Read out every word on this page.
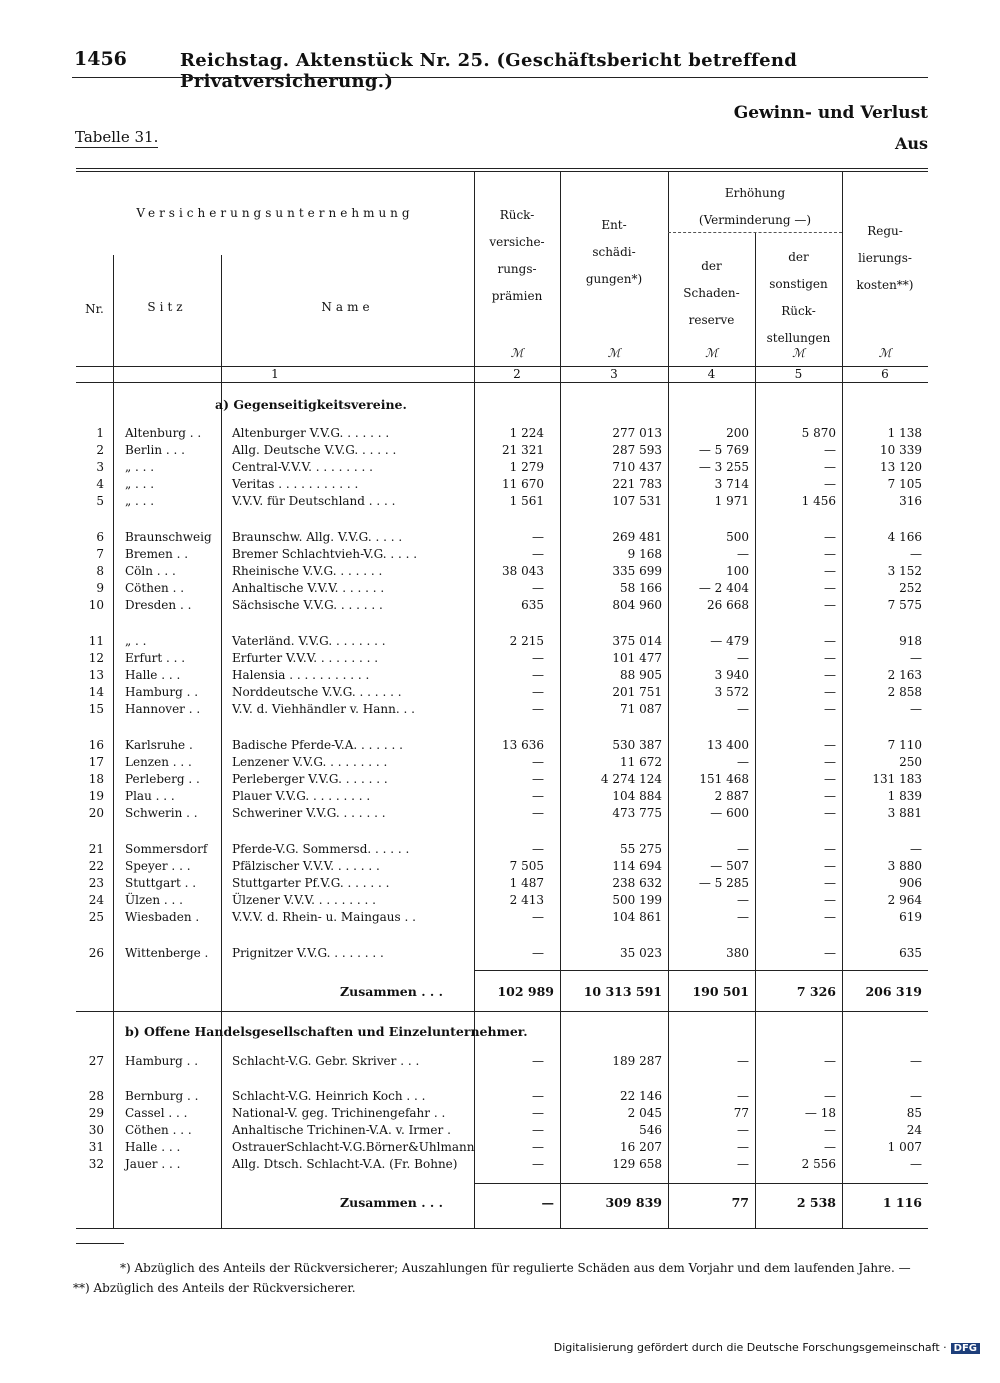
1456	Reichstag. Aktenstück Nr. 25. (Geschäftsbericht betreffend Privatversicherung.)
Gewinn- und Verlust
Aus
Tabelle 31.
Versicherungsunternehmung
Nr.	Sitz	Name
Rück-
versiche-
rungs-
prämien
Ent-
schädi-
gungen*)
Erhöhung
(Verminderung —)
der
Schaden-
reserve
der
sonstigen
Rück-
stellungen
Regu-
lierungs-
kosten**)
ℳ	ℳ	ℳ	ℳ	ℳ
1	2	3	4	5	6
a) Gegenseitigkeitsvereine.
1 Altenburg . .	Altenburger V.V.G. . . . . . .	1 224	277 013	200	5 870	1 138
2 Berlin . . .	Allg. Deutsche V.V.G. . . . . .	21 321	287 593	— 5 769	—	10 339
3 „ . . .	Central-V.V.V. . . . . . . . .	1 279	710 437	— 3 255	—	13 120
4 „ . . .	Veritas . . . . . . . . . . .	11 670	221 783	3 714	—	7 105
5 „ . . .	V.V.V. für Deutschland . . . .	1 561	107 531	1 971	1 456	316
6 Braunschweig	Braunschw. Allg. V.V.G. . . . .	—	269 481	500	—	4 166
7 Bremen . .	Bremer Schlachtvieh-V.G. . . . .	—	9 168	—	—	—
8 Cöln . . .	Rheinische V.V.G. . . . . . .	38 043	335 699	100	—	3 152
9 Cöthen . .	Anhaltische V.V.V. . . . . . .	—	58 166	— 2 404	—	252
10 Dresden . .	Sächsische V.V.G. . . . . . .	635	804 960	26 668	—	7 575
11 „ . .	Vaterländ. V.V.G. . . . . . . .	2 215	375 014	— 479	—	918
12 Erfurt . . .	Erfurter V.V.V. . . . . . . . .	—	101 477	—	—	—
13 Halle . . .	Halensia . . . . . . . . . . .	—	88 905	3 940	—	2 163
14 Hamburg . .	Norddeutsche V.V.G. . . . . . .	—	201 751	3 572	—	2 858
15 Hannover . .	V.V. d. Viehhändler v. Hann. . .	—	71 087	—	—	—
16 Karlsruhe .	Badische Pferde-V.A. . . . . . .	13 636	530 387	13 400	—	7 110
17 Lenzen . . .	Lenzener V.V.G. . . . . . . . .	—	11 672	—	—	250
18 Perleberg . .	Perleberger V.V.G. . . . . . .	—	4 274 124	151 468	—	131 183
19 Plau . . .	Plauer V.V.G. . . . . . . . .	—	104 884	2 887	—	1 839
20 Schwerin . .	Schweriner V.V.G. . . . . . .	—	473 775	— 600	—	3 881
21 Sommersdorf	Pferde-V.G. Sommersd. . . . . .	—	55 275	—	—	—
22 Speyer . . .	Pfälzischer V.V.V. . . . . . .	7 505	114 694	— 507	—	3 880
23 Stuttgart . .	Stuttgarter Pf.V.G. . . . . . .	1 487	238 632	— 5 285	—	906
24 Ülzen . . .	Ülzener V.V.V. . . . . . . . .	2 413	500 199	—	—	2 964
25 Wiesbaden .	V.V.V. d. Rhein- u. Maingaus . .	—	104 861	—	—	619
26 Wittenberge .	Prignitzer V.V.G. . . . . . . .	—	35 023	380	—	635
Zusammen . . .	102 989	10 313 591	190 501	7 326	206 319
b) Offene Handelsgesellschaften und Einzelunternehmer.
27 Hamburg . .	Schlacht-V.G. Gebr. Skriver . . .	—	189 287	—	—	—
28 Bernburg . .	Schlacht-V.G. Heinrich Koch . . .	—	22 146	—	—	—
29 Cassel . . .	National-V. geg. Trichinengefahr . .	—	2 045	77	— 18	85
30 Cöthen . . .	Anhaltische Trichinen-V.A. v. Irmer .	—	546	—	—	24
31 Halle . . .	OstrauerSchlacht-V.G.Börner&Uhlmann	—	16 207	—	—	1 007
32 Jauer . . .	Allg. Dtsch. Schlacht-V.A. (Fr. Bohne)	—	129 658	—	2 556	—
Zusammen . . .	—	309 839	77	2 538	1 116
*) Abzüglich des Anteils der Rückversicherer; Auszahlungen für regulierte Schäden aus dem Vorjahr und dem laufenden Jahre. —
**) Abzüglich des Anteils der Rückversicherer.
Digitalisierung gefördert durch die Deutsche Forschungsgemeinschaft · DFG
